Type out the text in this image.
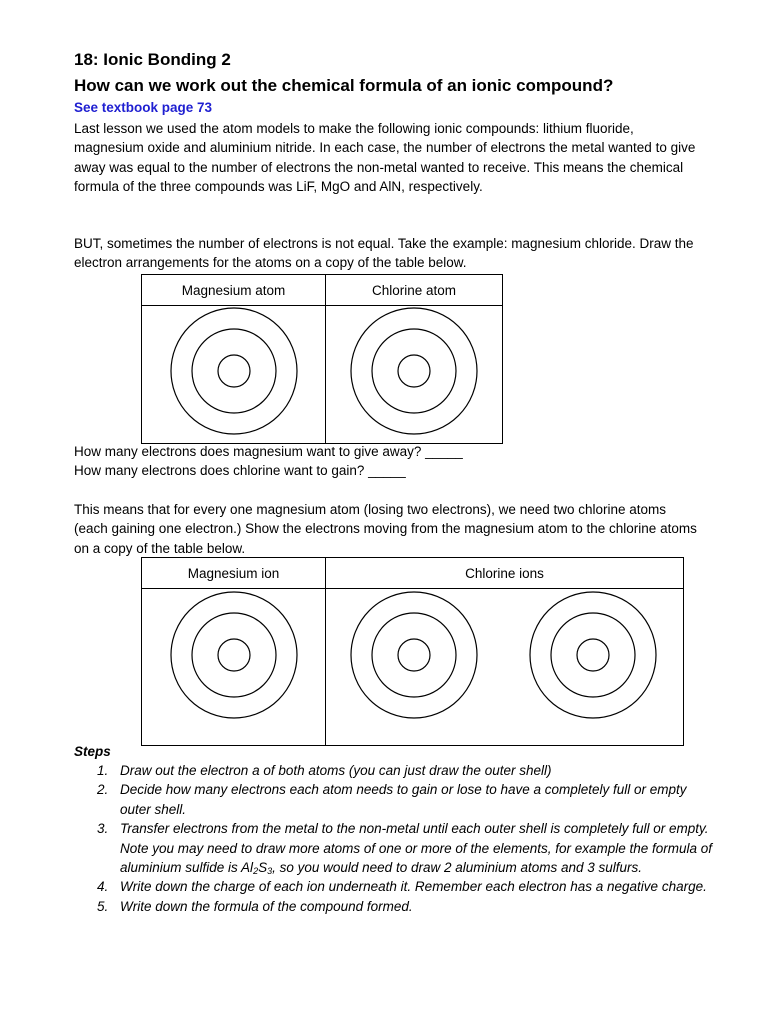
18: Ionic Bonding 2
How can we work out the chemical formula of an ionic compound?
See textbook page 73
Last lesson we used the atom models to make the following ionic compounds: lithium fluoride, magnesium oxide and aluminium nitride. In each case, the number of electrons the metal wanted to give away was equal to the number of electrons the non-metal wanted to receive. This means the chemical formula of the three compounds was LiF, MgO and AlN, respectively.
BUT, sometimes the number of electrons is not equal. Take the example: magnesium chloride. Draw the electron arrangements for the atoms on a copy of the table below.
Magnesium atom	Chlorine atom

How many electrons does magnesium want to give away? _____
How many electrons does chlorine want to gain? _____
This means that for every one magnesium atom (losing two electrons), we need two chlorine atoms (each gaining one electron.) Show the electrons moving from the magnesium atom to the chlorine atoms on a copy of the table below.
Magnesium ion	Chlorine ions

Steps
1. Draw out the electron a of both atoms (you can just draw the outer shell)
2. Decide how many electrons each atom needs to gain or lose to have a completely full or empty outer shell.
3. Transfer electrons from the metal to the non-metal until each outer shell is completely full or empty. Note you may need to draw more atoms of one or more of the elements, for example the formula of aluminium sulfide is $Al_2S_3$, so you would need to draw 2 aluminium atoms and 3 sulfurs.
4. Write down the charge of each ion underneath it. Remember each electron has a negative charge.
5. Write down the formula of the compound formed.
